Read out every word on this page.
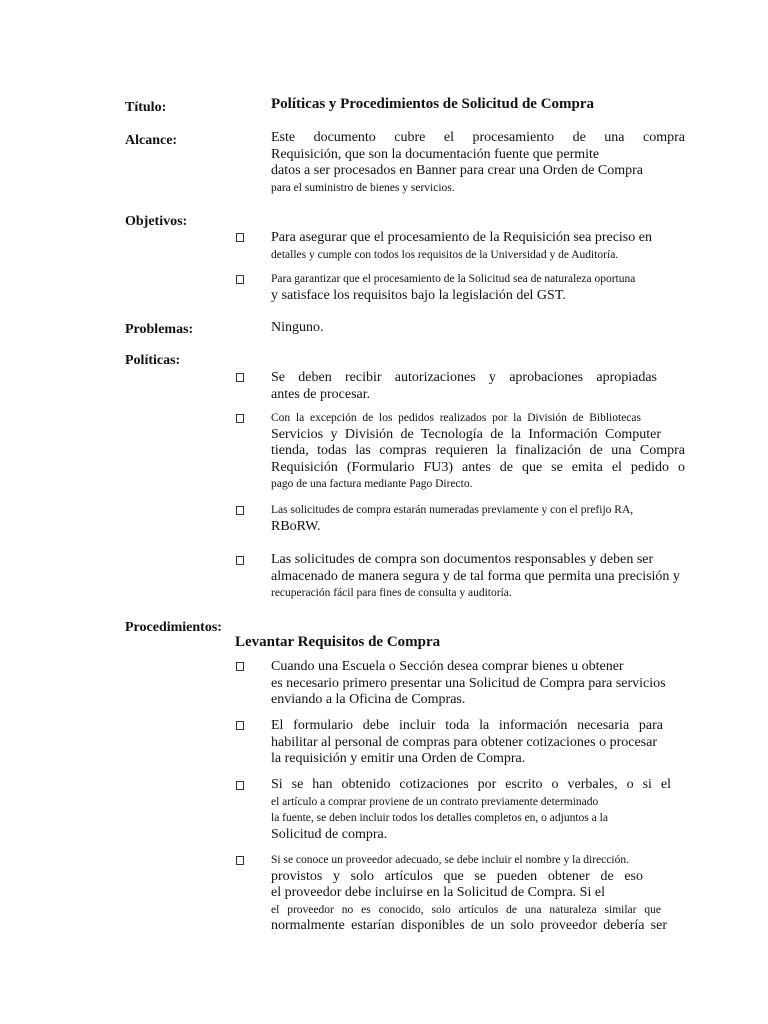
Título:
Alcance:
Objetivos:
Problemas:
Políticas:
Procedimientos:
Políticas y Procedimientos de Solicitud de Compra
Este documento cubre el procesamiento de una compra
Requisición, que son la documentación fuente que permite
datos a ser procesados en Banner para crear una Orden de Compra
para el suministro de bienes y servicios.
Para asegurar que el procesamiento de la Requisición sea preciso en
detalles y cumple con todos los requisitos de la Universidad y de Auditoría.
Para garantizar que el procesamiento de la Solicitud sea de naturaleza oportuna
y satisface los requisitos bajo la legislación del GST.
Ninguno.
Se deben recibir autorizaciones y aprobaciones apropiadas
antes de procesar.
Con la excepción de los pedidos realizados por la División de Bibliotecas
Servicios y División de Tecnología de la Información Computer
tienda, todas las compras requieren la finalización de una Compra
Requisición (Formulario FU3) antes de que se emita el pedido o
pago de una factura mediante Pago Directo.
Las solicitudes de compra estarán numeradas previamente y con el prefijo RA,
RBoRW.
Las solicitudes de compra son documentos responsables y deben ser
almacenado de manera segura y de tal forma que permita una precisión y
recuperación fácil para fines de consulta y auditoría.
Levantar Requisitos de Compra
Cuando una Escuela o Sección desea comprar bienes u obtener
es necesario primero presentar una Solicitud de Compra para servicios
enviando a la Oficina de Compras.
El formulario debe incluir toda la información necesaria para
habilitar al personal de compras para obtener cotizaciones o procesar
la requisición y emitir una Orden de Compra.
Si se han obtenido cotizaciones por escrito o verbales, o si el
el artículo a comprar proviene de un contrato previamente determinado
la fuente, se deben incluir todos los detalles completos en, o adjuntos a la
Solicitud de compra.
Si se conoce un proveedor adecuado, se debe incluir el nombre y la dirección.
provistos y solo artículos que se pueden obtener de eso
el proveedor debe incluirse en la Solicitud de Compra. Si el
el proveedor no es conocido, solo artículos de una naturaleza similar que
normalmente estarían disponibles de un solo proveedor debería ser
